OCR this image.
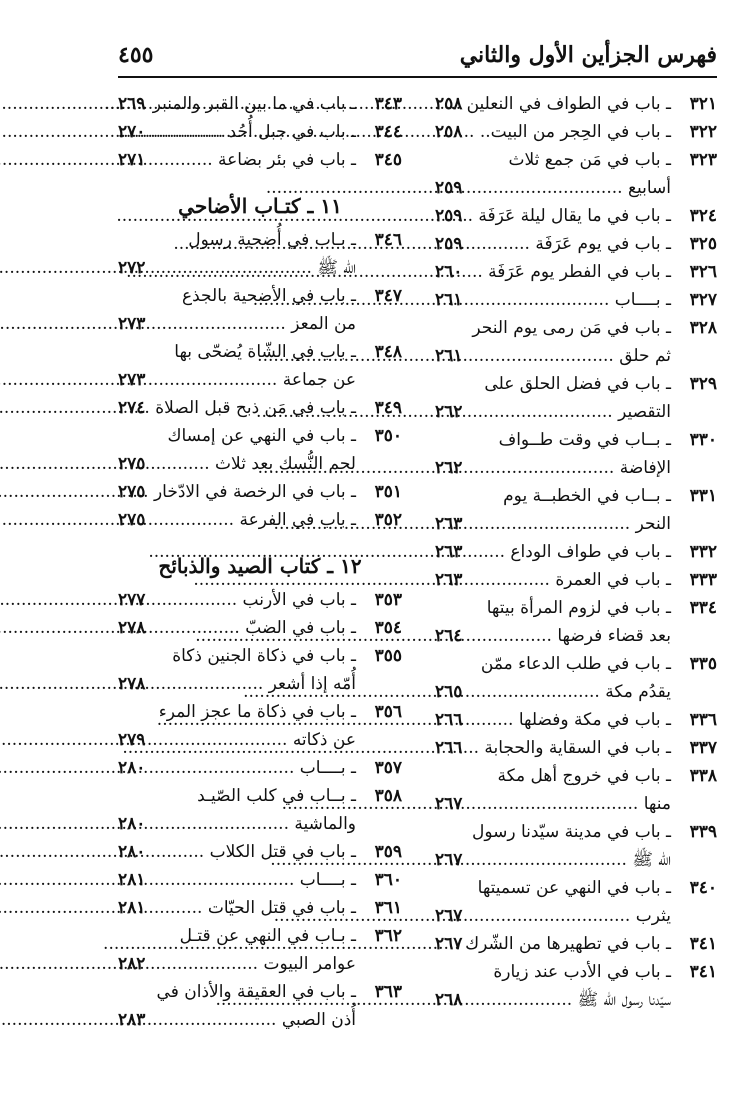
فهرس الجزأين الأول والثاني
٤٥٥
٣٢١
ـ باب في الطواف في النعلين .....
٢٥٨
٣٢٢
ـ باب في الحِجر من البيت.. .....
٢٥٨
٣٢٣
ـ باب في مَن جمع ثلاث
أسابيع .....
٢٥٩
٣٢٤
ـ باب في ما يقال ليلة عَرَفَة .....
٢٥٩
٣٢٥
ـ باب في يوم عَرَفَة .....
٢٥٩
٣٢٦
ـ باب في الفطر يوم عَرَفَة .....
٢٦٠
٣٢٧
ـ بــــاب .....
٢٦١
٣٢٨
ـ باب في مَن رمى يوم النحر
ثم حلق .....
٢٦١
٣٢٩
ـ باب في فضل الحلق على
التقصير .....
٢٦٢
٣٣٠
ـ بــاب في وقت طــواف
الإفاضة .....
٢٦٢
٣٣١
ـ بــاب في الخطبــة يوم
النحر .....
٢٦٣
٣٣٢
ـ باب في طواف الوداع .....
٢٦٣
٣٣٣
ـ باب في العمرة .....
٢٦٣
٣٣٤
ـ باب في لزوم المرأة بيتها
بعد قضاء فرضها .....
٢٦٤
٣٣٥
ـ باب في طلب الدعاء ممّن
يقدُم مكة .....
٢٦٥
٣٣٦
ـ باب في مكة وفضلها .....
٢٦٦
٣٣٧
ـ باب في السقاية والحجابة .....
٢٦٦
٣٣٨
ـ باب في خروج أهل مكة
منها .....
٢٦٧
٣٣٩
ـ باب في مدينة سيّدنا رسول
الله ﷺ .....
٢٦٧
٣٤٠
ـ باب في النهي عن تسميتها
يثرب .....
٢٦٧
٣٤١
ـ باب في تطهيرها من الشّرك .....
٢٦٧
٣٤١
ـ باب في الأدب عند زيارة
سيّدنا رسول الله ﷺ .....
٢٦٨
٣٤٣
ـ باب في ما بين القبر والمنبر .....
٢٦٩
٣٤٤
ـ باب في جبل أُحُد .....
٢٧٠
٣٤٥
ـ باب في بئر بضاعة .....
٢٧١
١١ ـ كتـاب الأضاحي
٣٤٦
ـ بـاب في أُضحية رسول
الله ﷺ .....
٢٧٢
٣٤٧
ـ باب في الأضحية بالجذع
من المعز .....
٢٧٣
٣٤٨
ـ باب في الشّاة يُضحّى بها
عن جماعة .....
٢٧٣
٣٤٩
ـ باب في مَن ذبح قبل الصلاة .....
٢٧٤
٣٥٠
ـ باب في النهي عن إمساك
لحم النُّسك بعد ثلاث .....
٢٧٥
٣٥١
ـ باب في الرخصة في الادّخار .....
٢٧٥
٣٥٢
ـ باب في الفرعة .....
٢٧٥
١٢ ـ كتاب الصيد والذبائح
٣٥٣
ـ باب في الأرنب .....
٢٧٧
٣٥٤
ـ باب في الضبّ .....
٢٧٨
٣٥٥
ـ باب في ذكاة الجنين ذكاة
أُمّه إذا أشعر .....
٢٧٨
٣٥٦
ـ باب في ذكاة ما عجز المرء
عن ذكاته .....
٢٧٩
٣٥٧
ـ بــــاب .....
٢٨٠
٣٥٨
ـ بــاب في كلب الصّيـد
والماشية .....
٢٨٠
٣٥٩
ـ باب في قتل الكلاب .....
٢٨٠
٣٦٠
ـ بــــاب .....
٢٨١
٣٦١
ـ باب في قتل الحيّات .....
٢٨١
٣٦٢
ـ بـاب في النهي عن قتـل
عوامر البيوت .....
٢٨٢
٣٦٣
ـ باب في العقيقة والأذان في
أُذن الصبي .....
٢٨٣
